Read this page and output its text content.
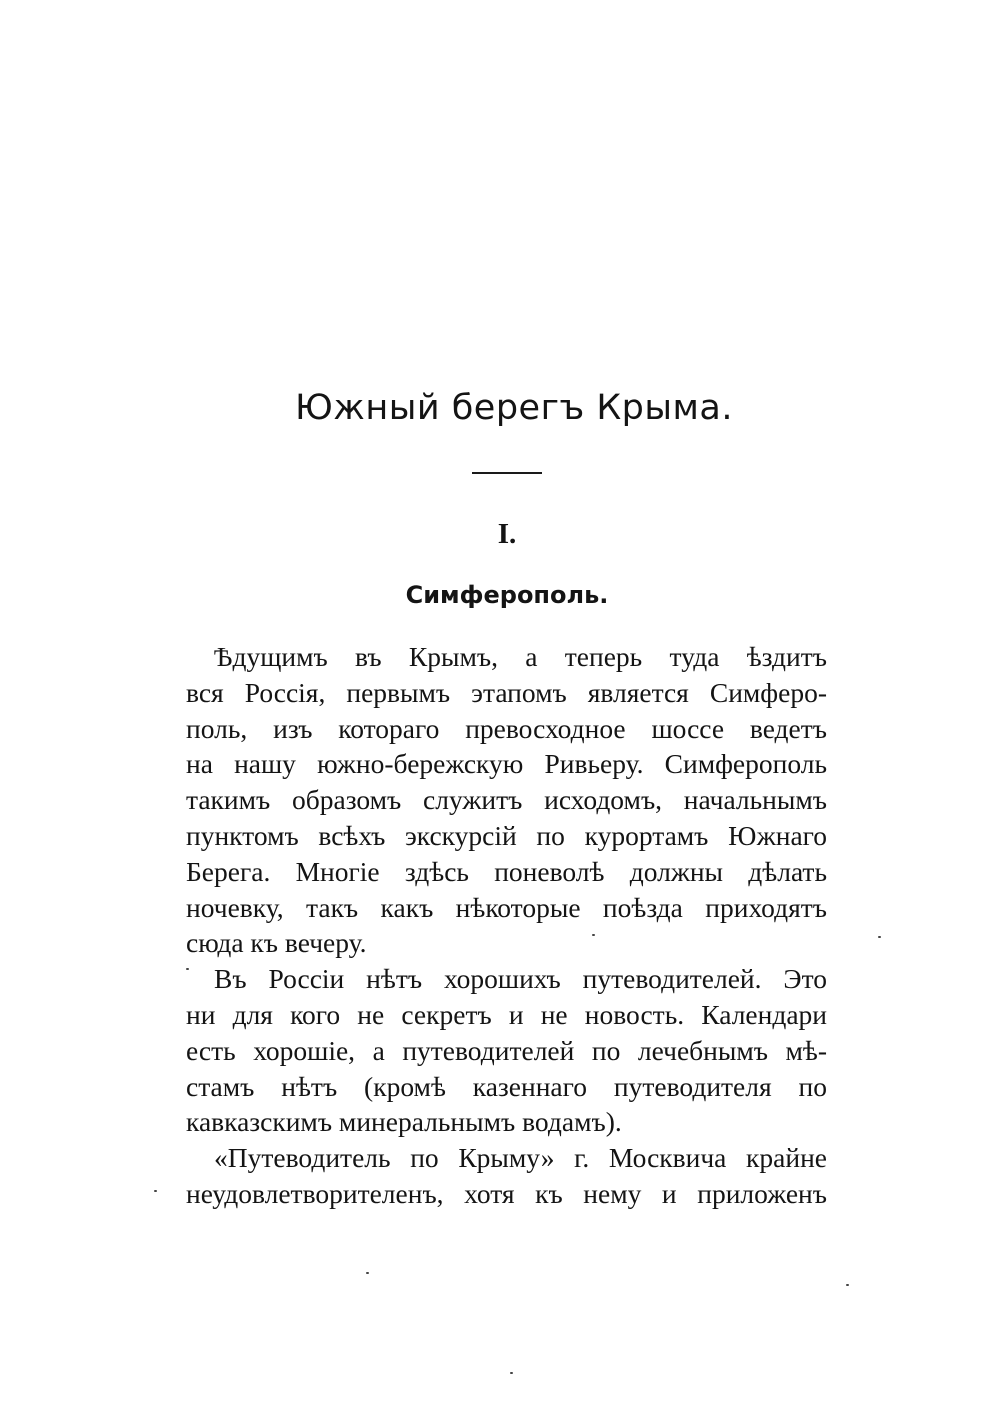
Южный берегъ Крыма.
I.
Симферополь.
Ѣдущимъ въ Крымъ, а теперь туда ѣздитъ
вся Россія, первымъ этапомъ является Симферо-
поль, изъ котораго превосходное шоссе ведетъ
на нашу южно-бережскую Ривьеру. Симферополь
такимъ образомъ служитъ исходомъ, начальнымъ
пунктомъ всѣхъ экскурсій по курортамъ Южнаго
Берега. Многіе здѣсь поневолѣ должны дѣлать
ночевку, такъ какъ нѣкоторые поѣзда приходятъ
сюда къ вечеру.
Въ Россіи нѣтъ хорошихъ путеводителей. Это
ни для кого не секретъ и не новость. Календари
есть хорошіе, а путеводителей по лечебнымъ мѣ-
стамъ нѣтъ (кромѣ казеннаго путеводителя по
кавказскимъ минеральнымъ водамъ).
«Путеводитель по Крыму» г. Москвича крайне
неудовлетворителенъ, хотя къ нему и приложенъ
